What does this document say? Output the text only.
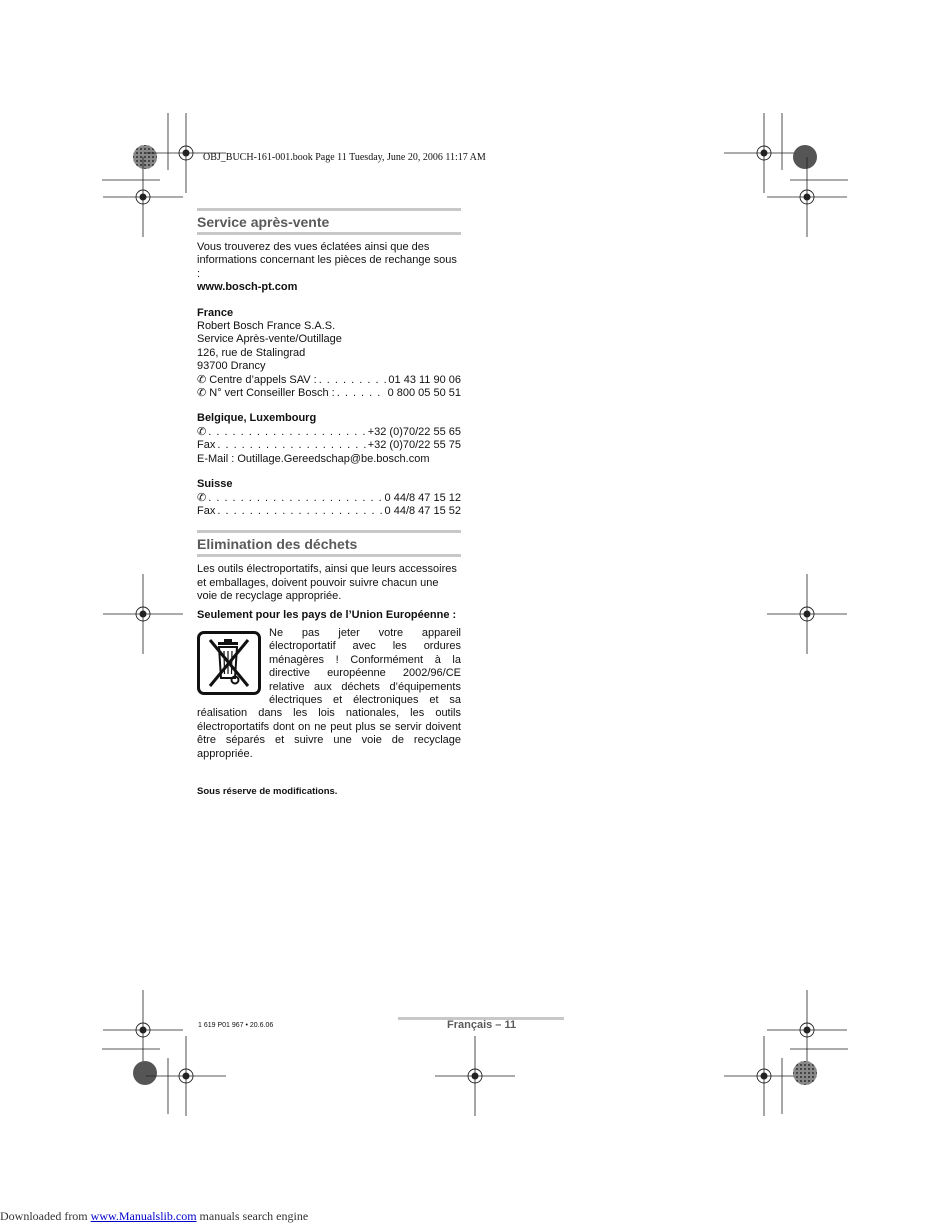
OBJ_BUCH-161-001.book Page 11 Tuesday, June 20, 2006 11:17 AM
Service après-vente

Vous trouverez des vues éclatées ainsi que des informations concernant les pièces de rechange sous :

www.bosch-pt.com

France

Robert Bosch France S.A.S.

Service Après-vente/Outillage

126, rue de Stalingrad

93700 Drancy

✆ Centre d’appels SAV : . . .	01 43 11 90 06
✆ N° vert Conseiller Bosch : . . .	0 800 05 50 51

Belgique, Luxembourg

✆ . . .	+32 (0)70/22 55 65
Fax . . .	+32 (0)70/22 55 75

E-Mail : Outillage.Gereedschap@be.bosch.com

Suisse

✆ . . .	0 44/8 47 15 12
Fax . . .	0 44/8 47 15 52
Elimination des déchets

Les outils électroportatifs, ainsi que leurs accessoires et emballages, doivent pouvoir suivre chacun une voie de recyclage appropriée.

Seulement pour les pays de l’Union Européenne :

Ne pas jeter votre appareil électroportatif avec les ordures ménagères ! Conformément à la directive européenne 2002/96/CE relative aux déchets d’équipements électriques et électroniques et sa réalisation dans les lois nationales, les outils électroportatifs dont on ne peut plus se servir doivent être séparés et suivre une voie de recyclage appropriée.

Sous réserve de modifications.

1 619 P01 967 • 20.6.06	Français – 11
Downloaded from www.Manualslib.com manuals search engine
